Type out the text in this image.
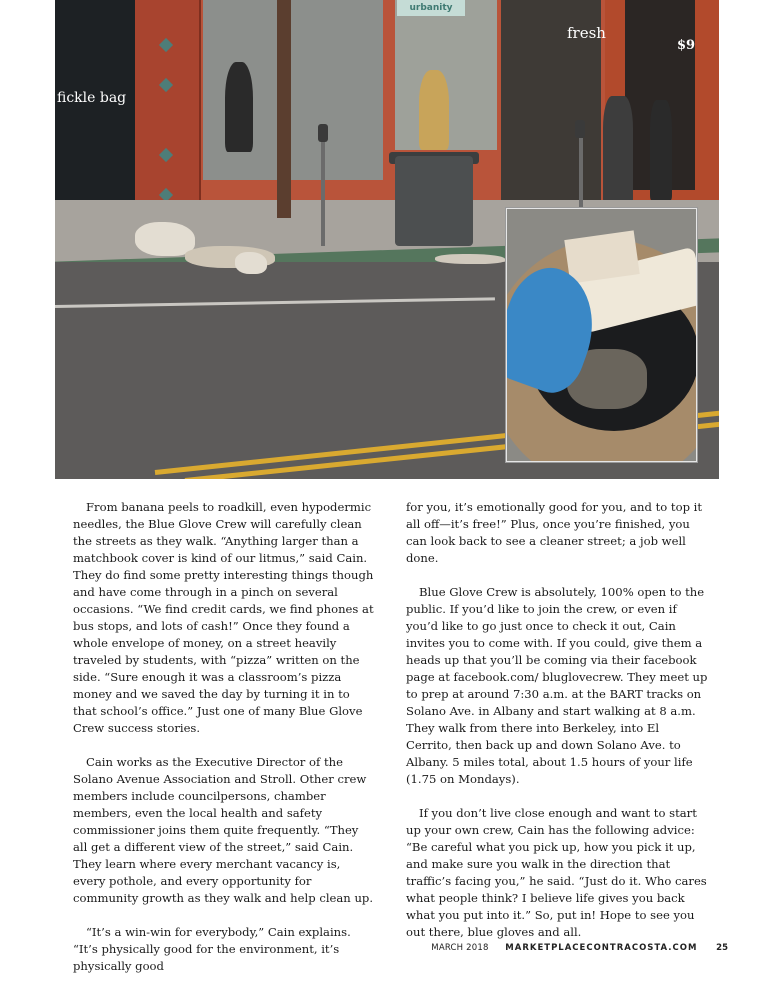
urbanity
fickle bag
fresh
$9

From banana peels to roadkill, even hypodermic needles, the Blue Glove Crew will carefully clean the streets as they walk. “Anything larger than a matchbook cover is kind of our litmus,” said Cain. They do find some pretty interesting things though and have come through in a pinch on several occasions. “We find credit cards, we find phones at bus stops, and lots of cash!” Once they found a whole envelope of money, on a street heavily traveled by students, with “pizza” written on the side. “Sure enough it was a classroom’s pizza money and we saved the day by turning it in to that school’s office.” Just one of many Blue Glove Crew success stories.

Cain works as the Executive Director of the Solano Avenue Association and Stroll. Other crew members include councilpersons, chamber members, even the local health and safety commissioner joins them quite frequently. “They all get a different view of the street,” said Cain. They learn where every merchant vacancy is, every pothole, and every opportunity for community growth as they walk and help clean up.

“It’s a win-win for everybody,” Cain explains. “It’s physically good for the environment, it’s physically good

for you, it’s emotionally good for you, and to top it all off—it’s free!” Plus, once you’re finished, you can look back to see a cleaner street; a job well done.

Blue Glove Crew is absolutely, 100% open to the public. If you’d like to join the crew, or even if you’d like to go just once to check it out, Cain invites you to come with. If you could, give them a heads up that you’ll be coming via their facebook page at facebook.com/ bluglovecrew. They meet up to prep at around 7:30 a.m. at the BART tracks on Solano Ave. in Albany and start walking at 8 a.m. They walk from there into Berkeley, into El Cerrito, then back up and down Solano Ave. to Albany. 5 miles total, about 1.5 hours of your life (1.75 on Mondays).

If you don’t live close enough and want to start up your own crew, Cain has the following advice: “Be careful what you pick up, how you pick it up, and make sure you walk in the direction that traffic’s facing you,” he said. “Just do it. Who cares what people think? I believe life gives you back what you put into it.” So, put in! Hope to see you out there, blue gloves and all.

MARCH 2018 MARKETPLACECONTRACOSTA.COM 25
